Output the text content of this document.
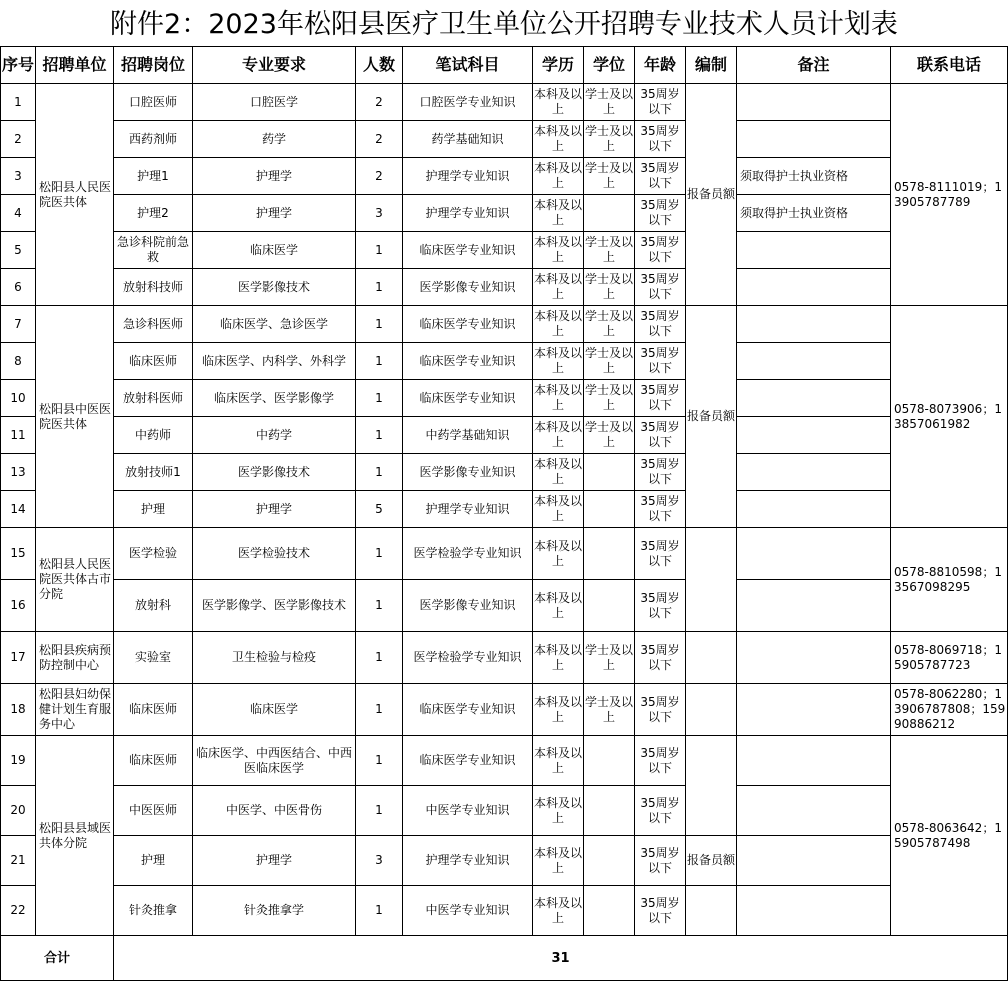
附件2：2023年松阳县医疗卫生单位公开招聘专业技术人员计划表
序号	招聘单位	招聘岗位	专业要求	人数	笔试科目	学历	学位	年龄	编制	备注	联系电话
1	松阳县人民医院医共体	口腔医师	口腔医学	2	口腔医学专业知识	本科及以上	学士及以上	35周岁以下	报备员额		0578-8111019；13905787789
2		西药剂师	药学	2	药学基础知识	本科及以上	学士及以上	35周岁以下			
3		护理1	护理学	2	护理学专业知识	本科及以上	学士及以上	35周岁以下		须取得护士执业资格	
4		护理2	护理学	3	护理学专业知识	本科及以上		35周岁以下		须取得护士执业资格	
5		急诊科院前急救	临床医学	1	临床医学专业知识	本科及以上	学士及以上	35周岁以下			
6		放射科技师	医学影像技术	1	医学影像专业知识	本科及以上	学士及以上	35周岁以下			
7	松阳县中医医院医共体	急诊科医师	临床医学、急诊医学	1	临床医学专业知识	本科及以上	学士及以上	35周岁以下	报备员额		0578-8073906；13857061982
8		临床医师	临床医学、内科学、外科学	1	临床医学专业知识	本科及以上	学士及以上	35周岁以下			
10		放射科医师	临床医学、医学影像学	1	临床医学专业知识	本科及以上	学士及以上	35周岁以下			
11		中药师	中药学	1	中药学基础知识	本科及以上	学士及以上	35周岁以下			
13		放射技师1	医学影像技术	1	医学影像专业知识	本科及以上		35周岁以下			
14		护理	护理学	5	护理学专业知识	本科及以上		35周岁以下			
15	松阳县人民医院医共体古市分院	医学检验	医学检验技术	1	医学检验学专业知识	本科及以上		35周岁以下			0578-8810598；13567098295
16		放射科	医学影像学、医学影像技术	1	医学影像专业知识	本科及以上		35周岁以下			
17	松阳县疾病预防控制中心	实验室	卫生检验与检疫	1	医学检验学专业知识	本科及以上	学士及以上	35周岁以下			0578-8069718；15905787723
18	松阳县妇幼保健计划生育服务中心	临床医师	临床医学	1	临床医学专业知识	本科及以上	学士及以上	35周岁以下			0578-8062280；13906787808；15990886212
19	松阳县县域医共体分院	临床医师	临床医学、中西医结合、中西医临床医学	1	临床医学专业知识	本科及以上		35周岁以下			0578-8063642；15905787498
20		中医医师	中医学、中医骨伤	1	中医学专业知识	本科及以上		35周岁以下			
21		护理	护理学	3	护理学专业知识	本科及以上		35周岁以下	报备员额		
22		针灸推拿	针灸推拿学	1	中医学专业知识	本科及以上		35周岁以下			
合计		31									
